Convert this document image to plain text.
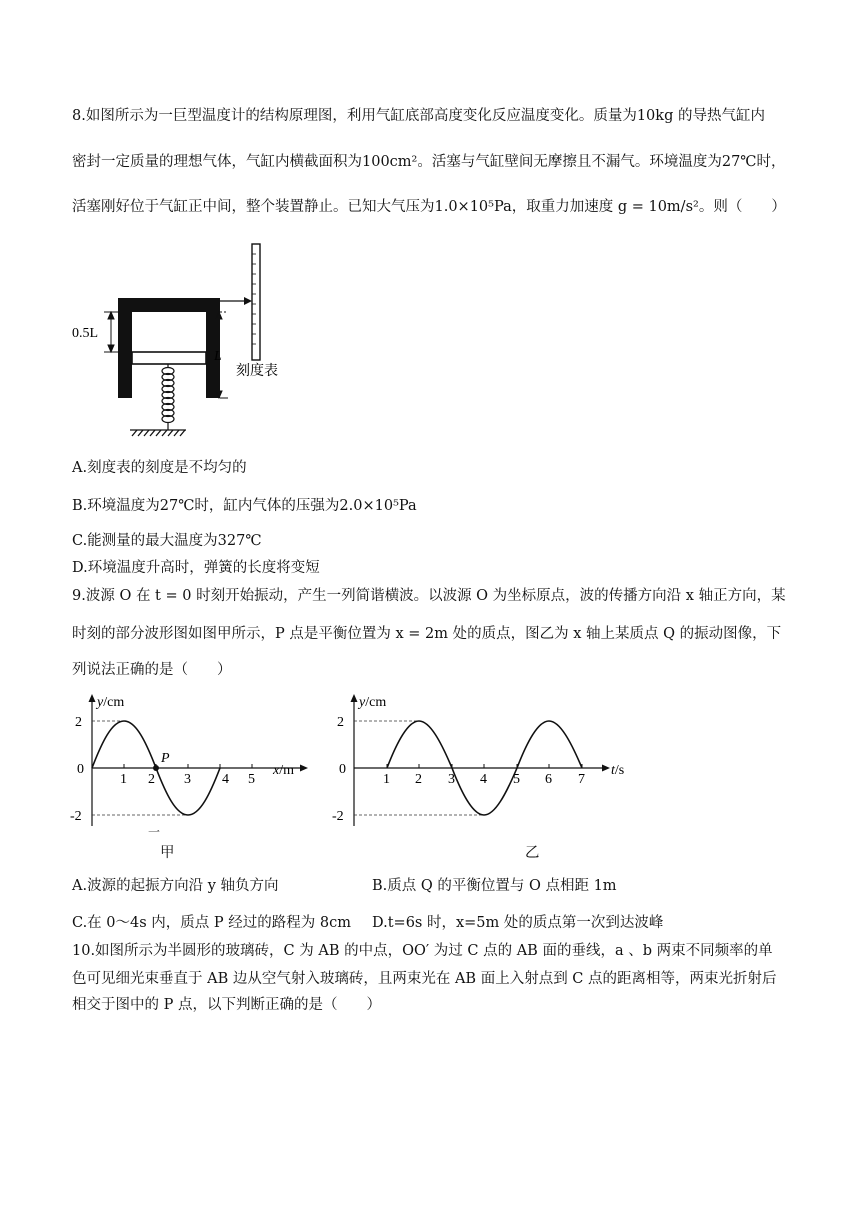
8.如图所示为一巨型温度计的结构原理图，利用气缸底部高度变化反应温度变化。质量为10kg 的导热气缸内
密封一定质量的理想气体，气缸内横截面积为100cm²。活塞与气缸壁间无摩擦且不漏气。环境温度为27℃时，
活塞刚好位于气缸正中间，整个装置静止。已知大气压为1.0×10⁵Pa，取重力加速度 g = 10m/s²。则（　　）
0.5L
L
刻度表
A.刻度表的刻度是不均匀的
B.环境温度为27℃时，缸内气体的压强为2.0×10⁵Pa
C.能测量的最大温度为327℃
D.环境温度升高时，弹簧的长度将变短
9.波源 O 在 t = 0 时刻开始振动，产生一列简谐横波。以波源 O 为坐标原点，波的传播方向沿 x 轴正方向，某
时刻的部分波形图如图甲所示，P 点是平衡位置为 x = 2m 处的质点，图乙为 x 轴上某质点 Q 的振动图像，下
列说法正确的是（　　）
P
y/cm
x/m
2
0
-2
1 2 3 4 5
y/cm
t/s
2
0
-2
1 2 3 4 5 6 7
一
甲	乙
A.波源的起振方向沿 y 轴负方向	B.质点 Q 的平衡位置与 O 点相距 1m
C.在 0～4s 内，质点 P 经过的路程为 8cm D.t=6s 时，x=5m 处的质点第一次到达波峰
10.如图所示为半圆形的玻璃砖，C 为 AB 的中点，OO′ 为过 C 点的 AB 面的垂线，a 、b 两束不同频率的单
色可见细光束垂直于 AB 边从空气射入玻璃砖，且两束光在 AB 面上入射点到 C 点的距离相等，两束光折射后
相交于图中的 P 点，以下判断正确的是（　　）
